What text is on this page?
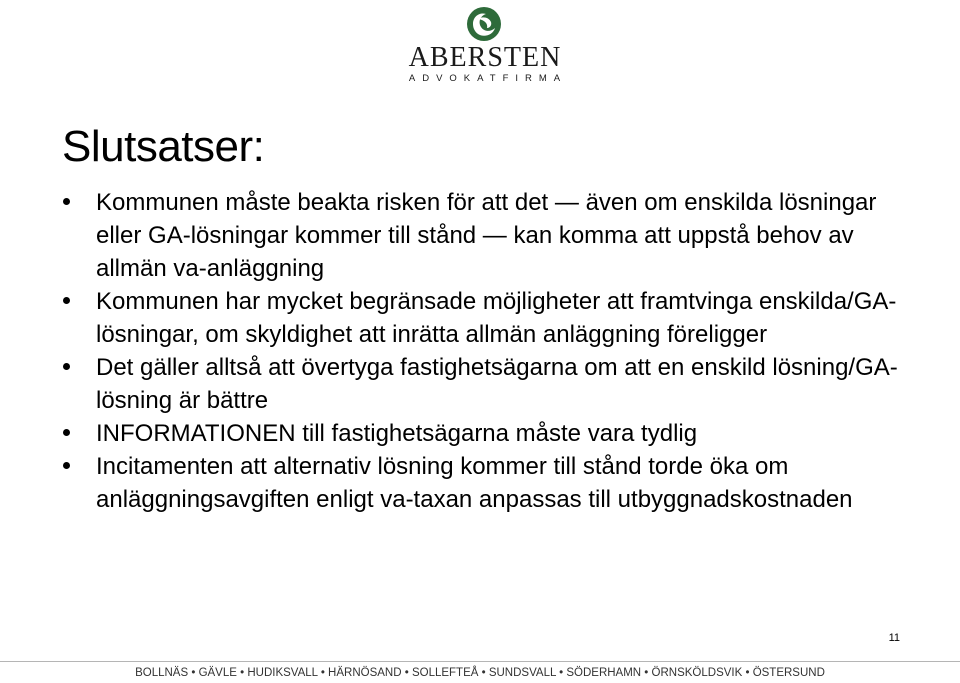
ABERSTEN
ADVOKATFIRMA
Slutsatser:
Kommunen måste beakta risken för att det — även om enskilda lösningar eller GA-lösningar kommer till stånd — kan komma att uppstå behov av allmän va-anläggning
Kommunen har mycket begränsade möjligheter att framtvinga enskilda/GA-lösningar, om skyldighet att inrätta allmän anläggning föreligger
Det gäller alltså att övertyga fastighetsägarna om att en enskild lösning/GA-lösning är bättre
INFORMATIONEN till fastighetsägarna måste vara tydlig
Incitamenten att alternativ lösning kommer till stånd torde öka om anläggningsavgiften enligt va-taxan anpassas till utbyggnadskostnaden
11
BOLLNÄS • GÄVLE • HUDIKSVALL • HÄRNÖSAND • SOLLEFTEÅ • SUNDSVALL • SÖDERHAMN • ÖRNSKÖLDSVIK • ÖSTERSUND
